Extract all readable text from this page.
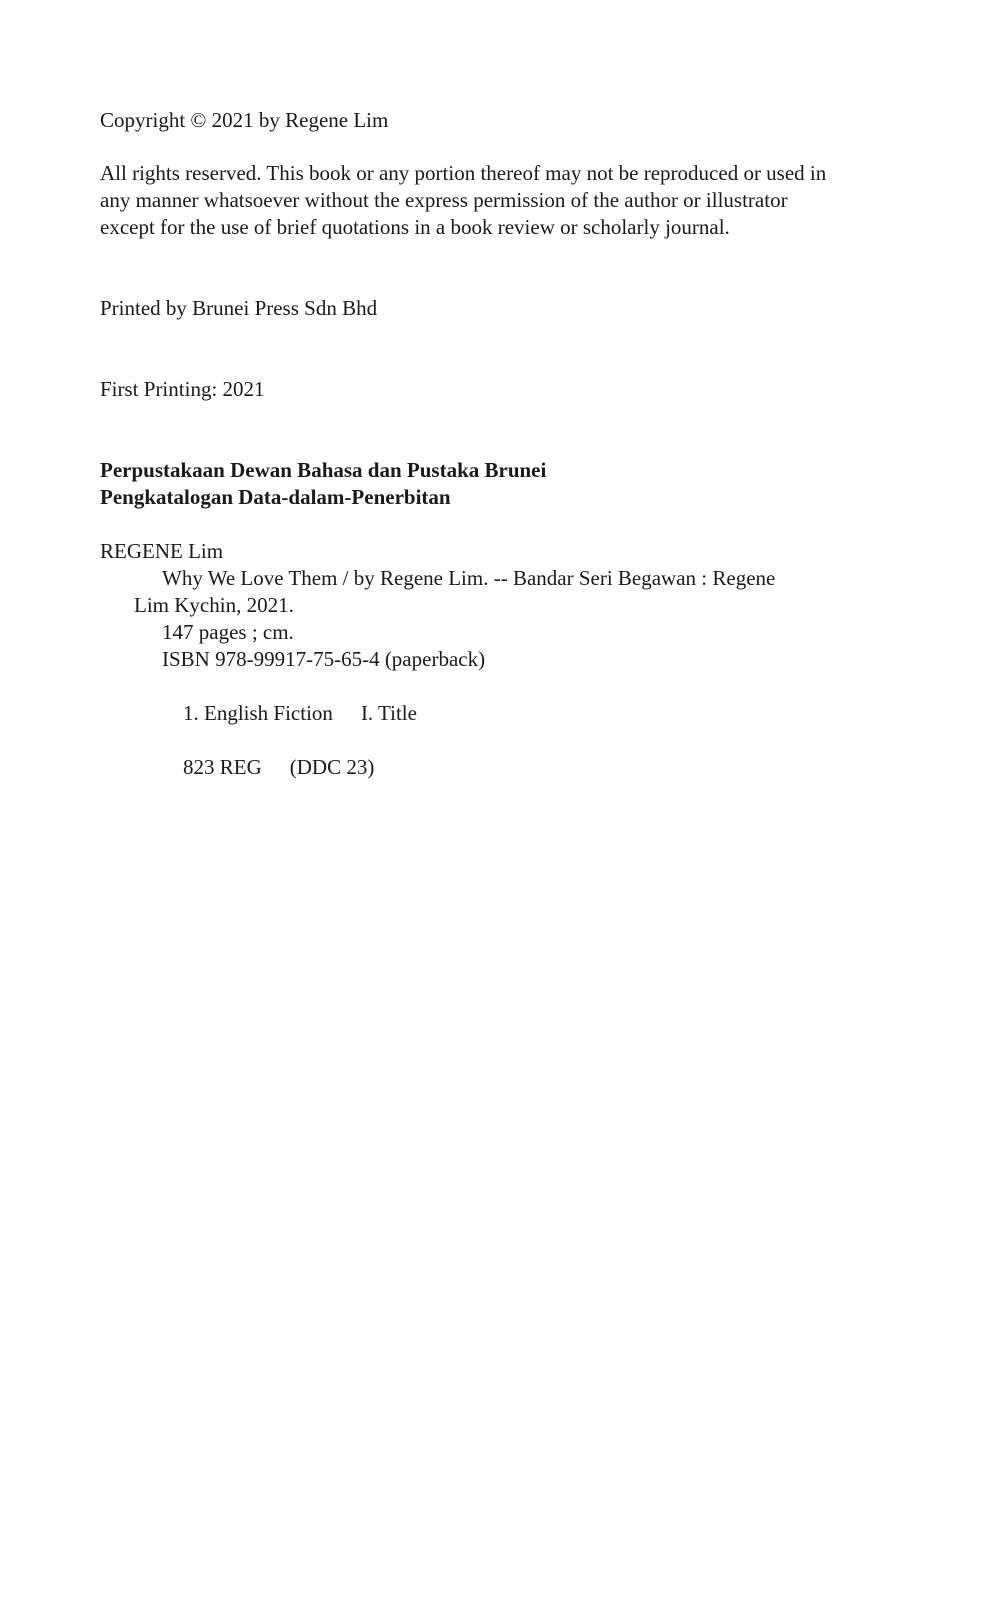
Copyright © 2021 by Regene Lim
All rights reserved. This book or any portion thereof may not be reproduced or used in
any manner whatsoever without the express permission of the author or illustrator
except for the use of brief quotations in a book review or scholarly journal.
Printed by Brunei Press Sdn Bhd
First Printing: 2021
Perpustakaan Dewan Bahasa dan Pustaka Brunei
Pengkatalogan Data-dalam-Penerbitan
REGENE Lim
Why We Love Them / by Regene Lim. -- Bandar Seri Begawan : Regene
Lim Kychin, 2021.
147 pages ; cm.
ISBN 978-99917-75-65-4 (paperback)

1. English Fiction I. Title

823 REG (DDC 23)
